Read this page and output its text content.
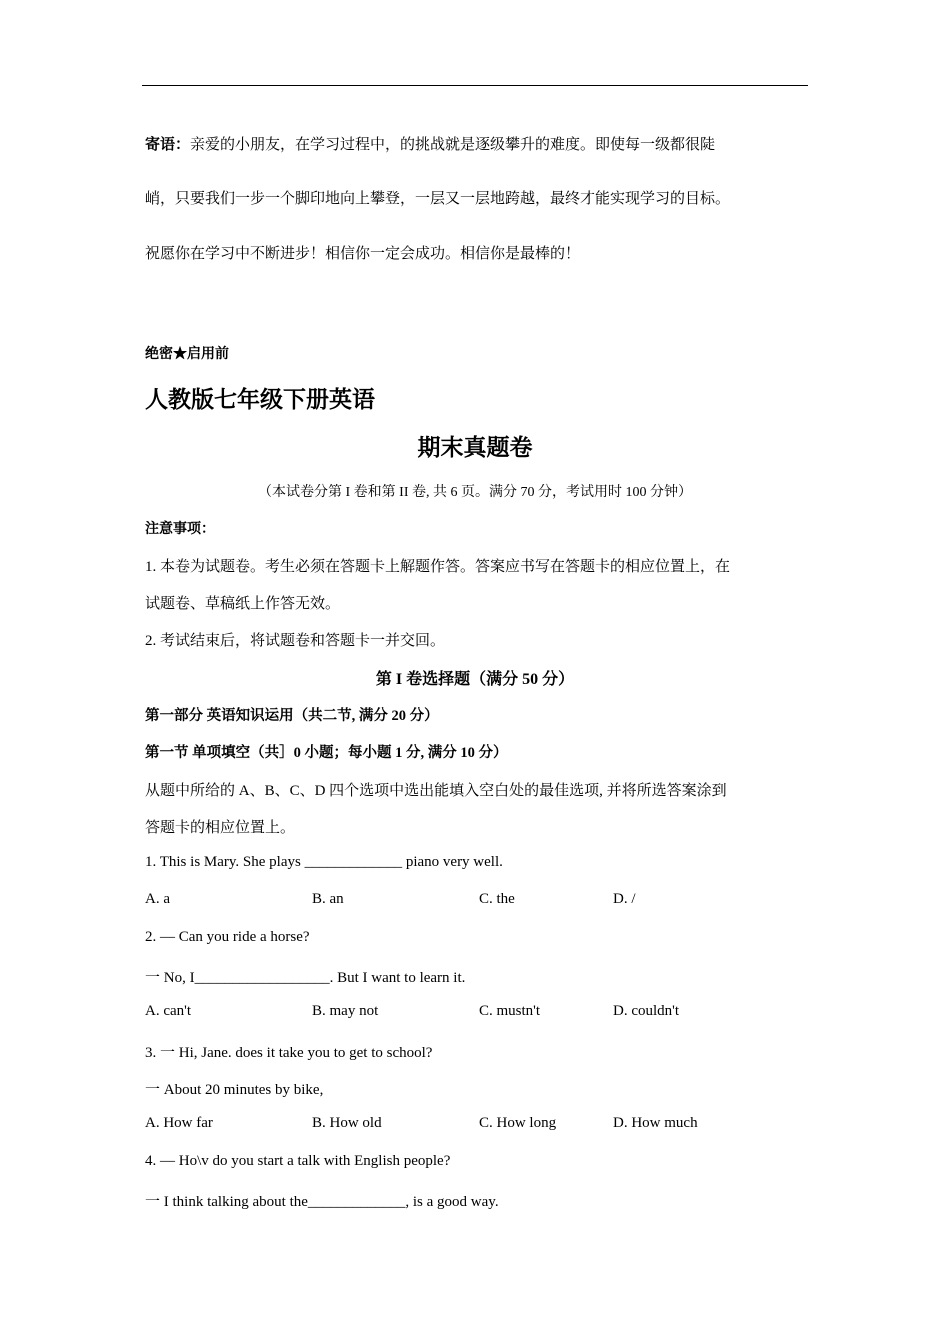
寄语：亲爱的小朋友，在学习过程中，的挑战就是逐级攀升的难度。即使每一级都很陡
峭，只要我们一步一个脚印地向上攀登，一层又一层地跨越，最终才能实现学习的目标。
祝愿你在学习中不断进步！相信你一定会成功。相信你是最棒的！
绝密★启用前
人教版七年级下册英语
期末真题卷
（本试卷分第 I 卷和第 II 卷, 共 6 页。满分 70 分，考试用时 100 分钟）
注意事项：
1. 本卷为试题卷。考生必须在答题卡上解题作答。答案应书写在答题卡的相应位置上，在
试题卷、草稿纸上作答无效。
2. 考试结束后，将试题卷和答题卡一并交回。
第 I 卷选择题（满分 50 分）
第一部分 英语知识运用（共二节, 满分 20 分）
第一节 单项填空（共］0 小题；每小题 1 分, 满分 10 分）
从题中所给的 A、B、C、D 四个选项中选出能填入空白处的最佳选项, 并将所选答案涂到
答题卡的相应位置上。
1. This is Mary. She plays _____________ piano very well.
A. a	B. an	C. the	D. /
2. — Can you ride a horse?
一 No, I__________________. But I want to learn it.
A. can't	B. may not	C. mustn't	D. couldn't
3. 一 Hi, Jane. does it take you to get to school?
一 About 20 minutes by bike,
A. How far	B. How old	C. How long	D. How much
4. — Ho\v do you start a talk with English people?
一 I think talking about the_____________, is a good way.
